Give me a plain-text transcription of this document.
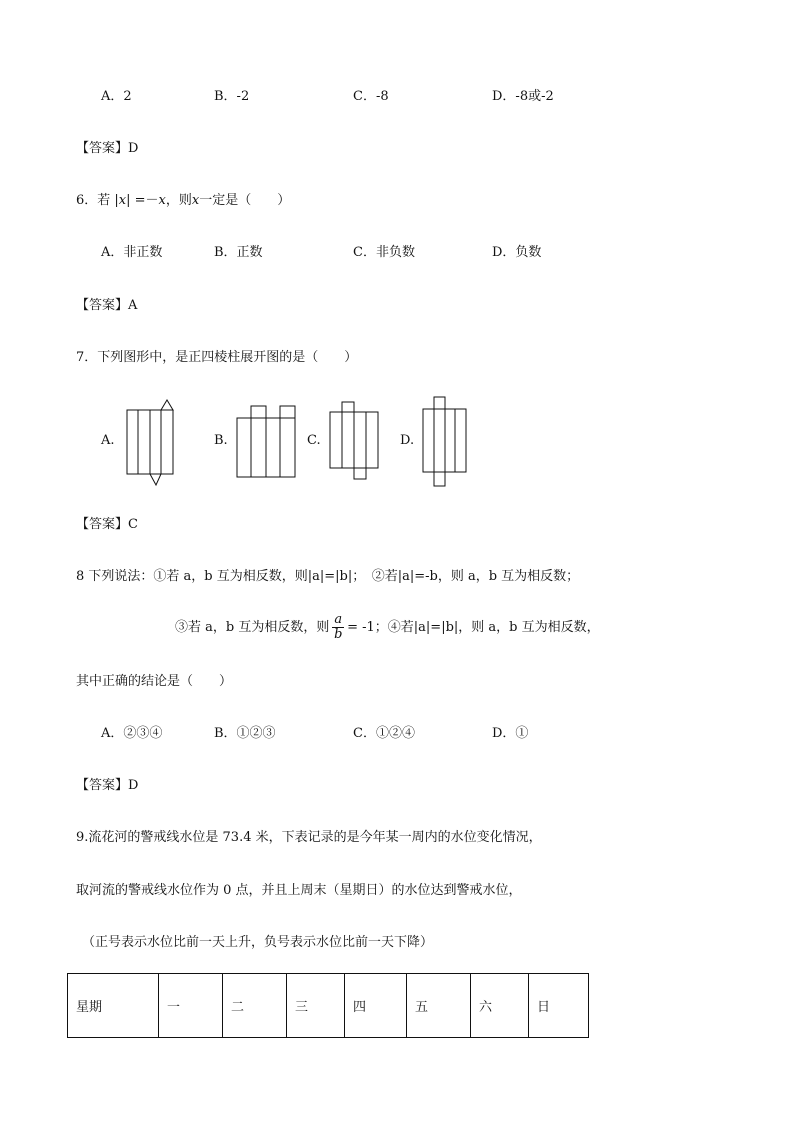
A．2	B．-2	C．-8	D．-8或-2
【答案】D
6．若 |x| =－x，则x一定是（　　）
A．非正数	B．正数	C．非负数	D．负数
【答案】A
7．下列图形中，是正四棱柱展开图的是（　　）
A.	B.	C.	D.
【答案】C
8 下列说法：①若 a，b 互为相反数，则|a|=|b|；　②若|a|=-b，则 a，b 互为相反数；
③若 a，b 互为相反数，则 $\frac{a}{b} = -1$；④若|a|=|b|，则 a，b 互为相反数，
其中正确的结论是（　　）
A．②③④	B．①②③	C．①②④	D．①
【答案】D
9.流花河的警戒线水位是 73.4 米，下表记录的是今年某一周内的水位变化情况，
取河流的警戒线水位作为 0 点，并且上周末（星期日）的水位达到警戒水位，
（正号表示水位比前一天上升，负号表示水位比前一天下降）
星期	一	二	三	四	五	六	日
